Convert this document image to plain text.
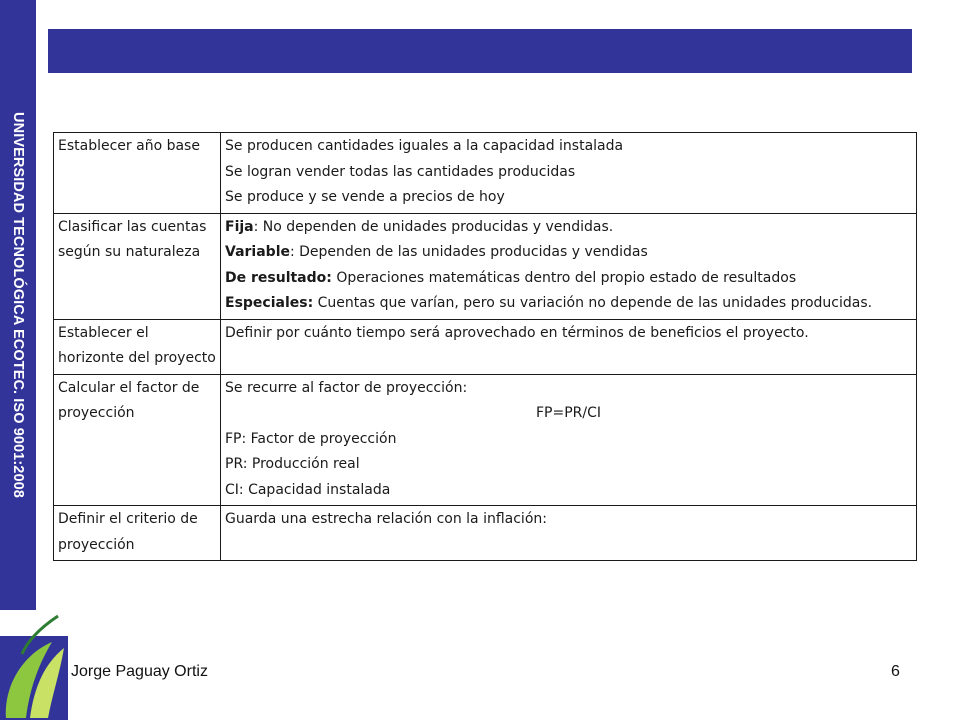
UNIVERSIDAD TECNOLÓGICA ECOTEC. ISO 9001:2008 Establecer año base	Se producen cantidades iguales a la capacidad instalada
Se logran vender todas las cantidades producidas
Se produce y se vende a precios de hoy

Clasificar las cuentas según su naturaleza	Fija: No dependen de unidades producidas y vendidas.
Variable: Dependen de las unidades producidas y vendidas
De resultado: Operaciones matemáticas dentro del propio estado de resultados
Especiales: Cuentas que varían, pero su variación no depende de las unidades producidas.

Establecer el horizonte del proyecto	Definir por cuánto tiempo será aprovechado en términos de beneficios el proyecto.

Calcular el factor de proyección	Se recurre al factor de proyección:
FP=PR/CI
FP: Factor de proyección
PR: Producción real
CI: Capacidad instalada

Definir el criterio de proyección	Guarda una estrecha relación con la inflación:
Jorge Paguay Ortiz	6
